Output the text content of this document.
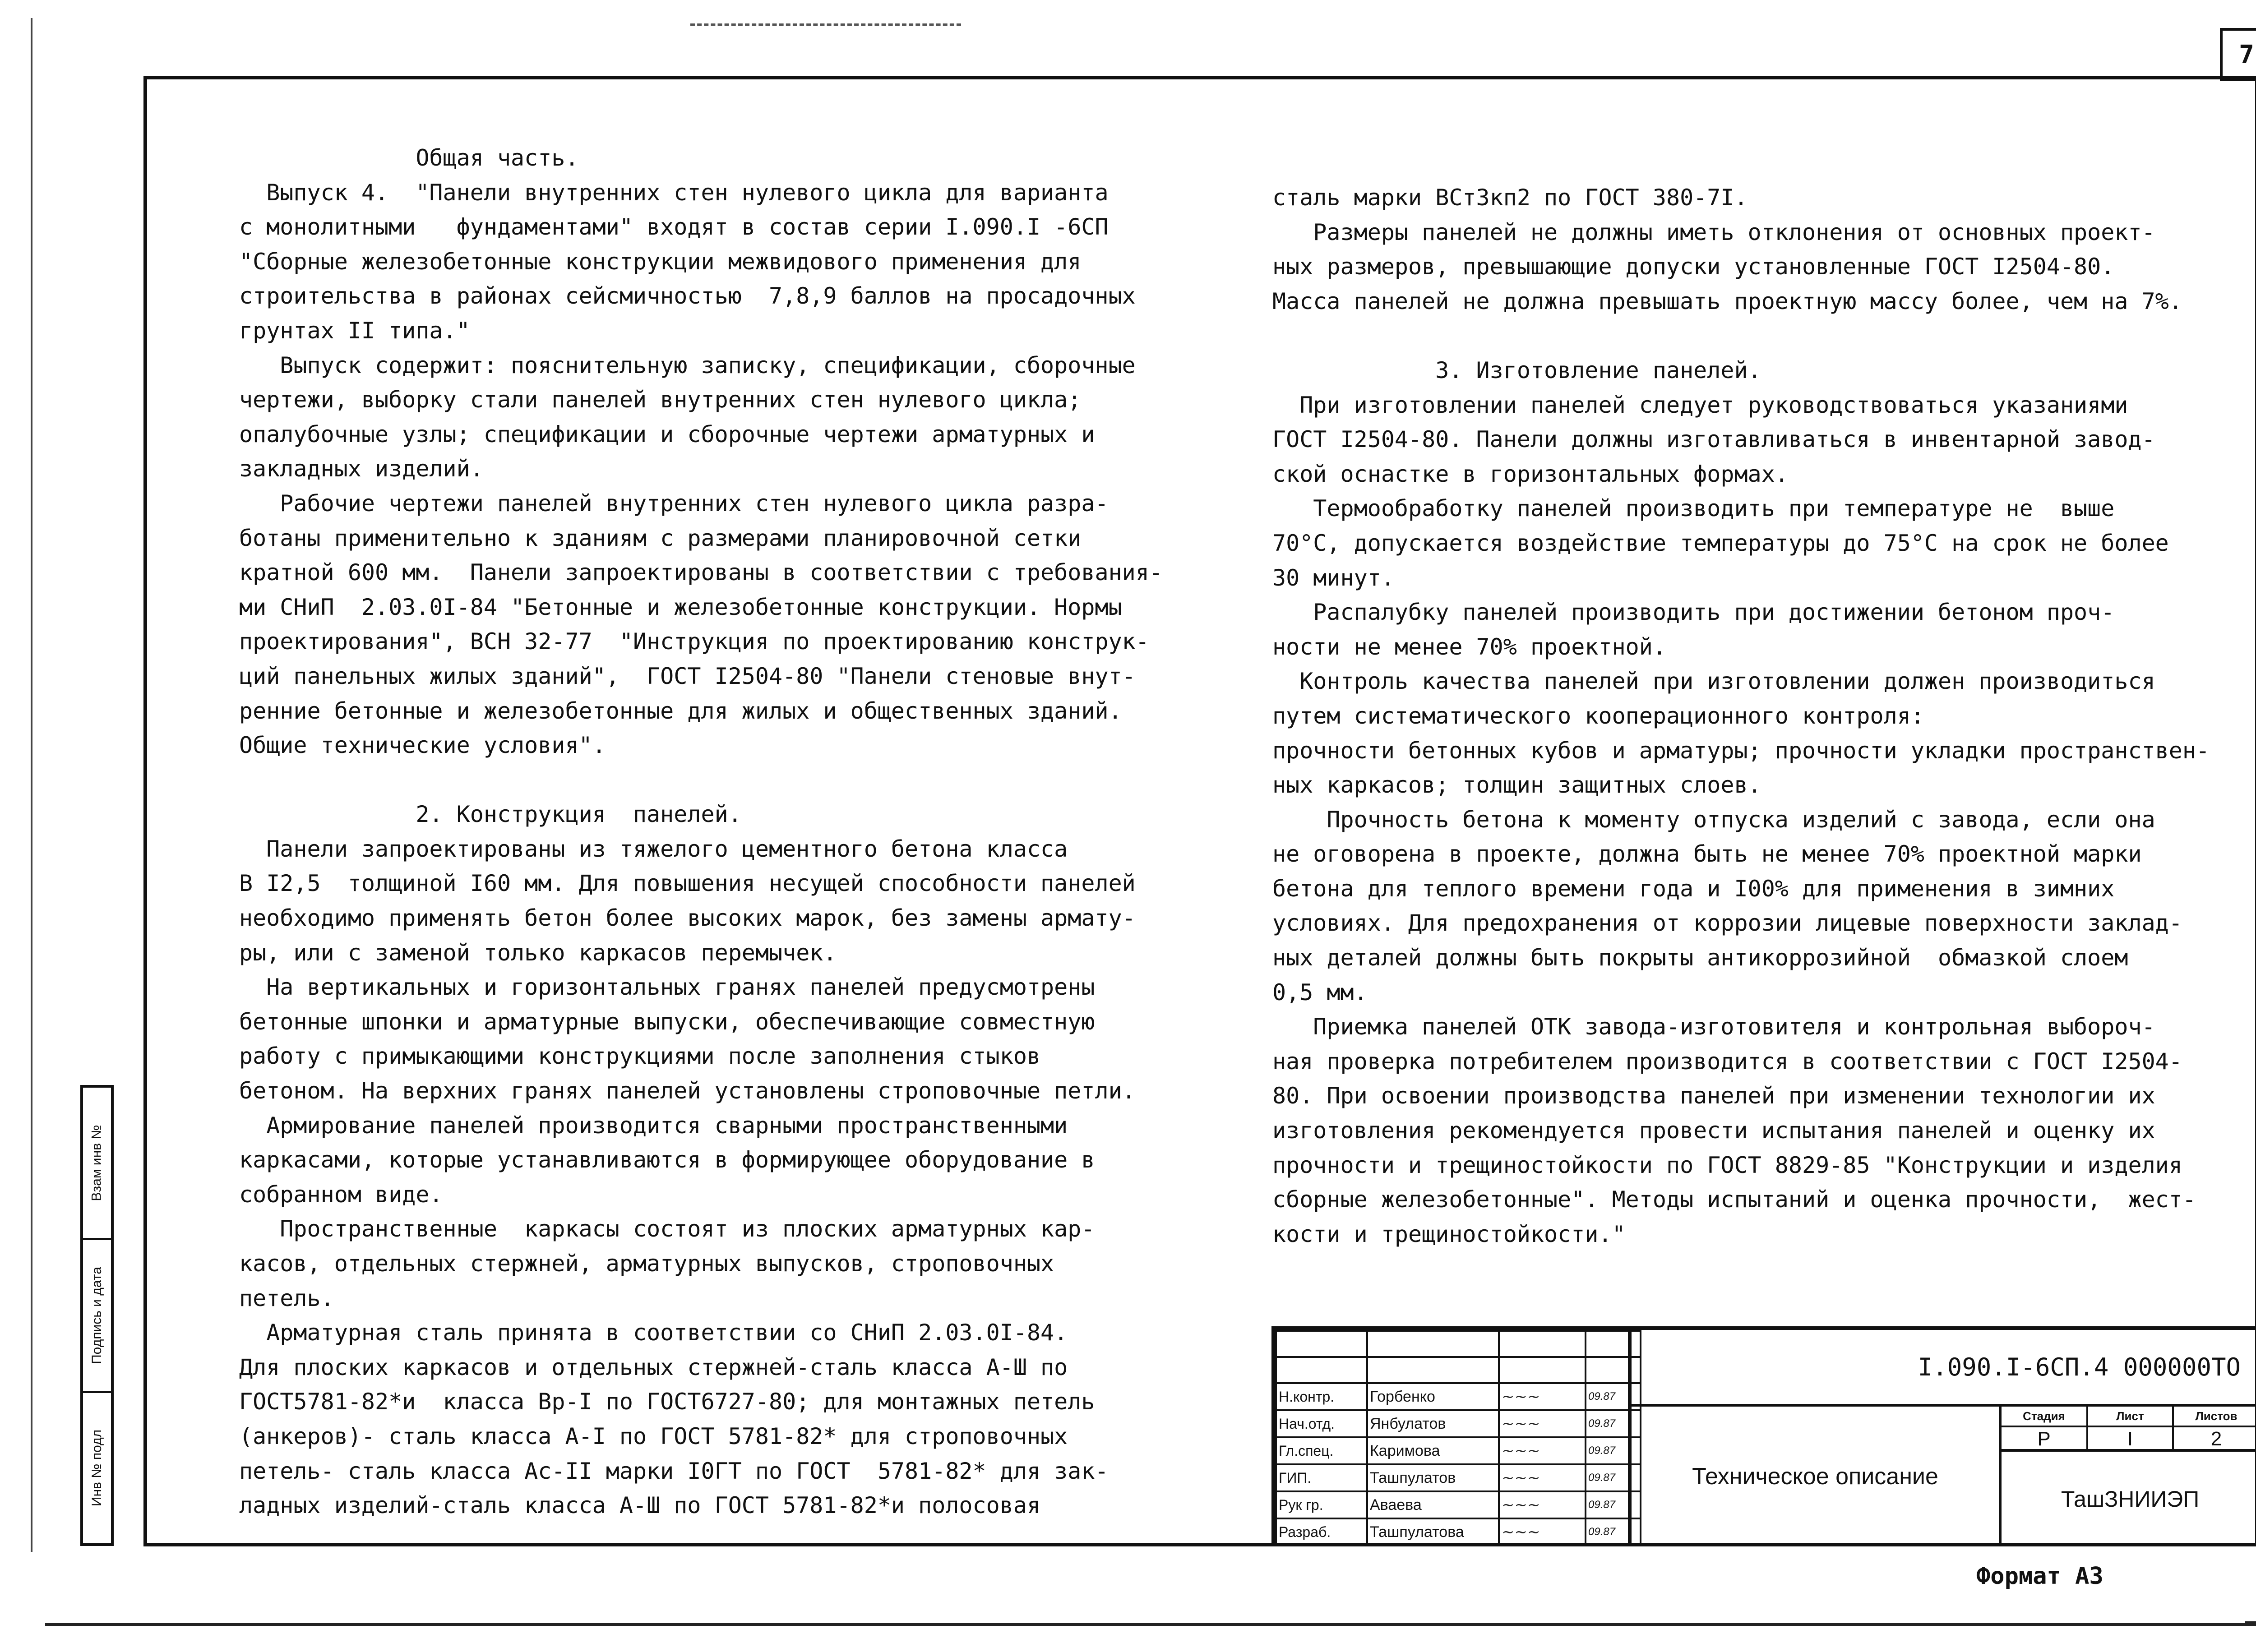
7
Взам инв №
Подпись и дата
Инв № подл

Общая часть.

Выпуск 4.  "Панели внутренних стен нулевого цикла для варианта

с монолитными   фундаментами" входят в состав серии I.090.I -6СП

"Сборные железобетонные конструкции межвидового применения для

строительства в районах сейсмичностью  7,8,9 баллов на просадочных

грунтах II типа."

Выпуск содержит: пояснительную записку, спецификации, сборочные

чертежи, выборку стали панелей внутренних стен нулевого цикла;

опалубочные узлы; спецификации и сборочные чертежи арматурных и

закладных изделий.

Рабочие чертежи панелей внутренних стен нулевого цикла разра-

ботаны применительно к зданиям с размерами планировочной сетки

кратной 600 мм.  Панели запроектированы в соответствии с требования-

ми СНиП  2.03.0I-84 "Бетонные и железобетонные конструкции. Нормы

проектирования", ВСН 32-77  "Инструкция по проектированию конструк-

ций панельных жилых зданий",  ГОСТ I2504-80 "Панели стеновые внут-

ренние бетонные и железобетонные для жилых и общественных зданий.

Общие технические условия".

2. Конструкция  панелей.

Панели запроектированы из тяжелого цементного бетона класса

В I2,5  толщиной I60 мм. Для повышения несущей способности панелей

необходимо применять бетон более высоких марок, без замены армату-

ры, или с заменой только каркасов перемычек.

На вертикальных и горизонтальных гранях панелей предусмотрены

бетонные шпонки и арматурные выпуски, обеспечивающие совместную

работу с примыкающими конструкциями после заполнения стыков

бетоном. На верхних гранях панелей установлены строповочные петли.

Армирование панелей производится сварными пространственными

каркасами, которые устанавливаются в формирующее оборудование в

собранном виде.

Пространственные  каркасы состоят из плоских арматурных кар-

касов, отдельных стержней, арматурных выпусков, строповочных

петель.

Арматурная сталь принята в соответствии со СНиП 2.03.0I-84.

Для плоских каркасов и отдельных стержней-сталь класса А-Ш по

ГОСТ5781-82*и  класса Вр-I по ГОСТ6727-80; для монтажных петель

(анкеров)- сталь класса А-I по ГОСТ 5781-82* для строповочных

петель- сталь класса Ас-II марки I0ГТ по ГОСТ  5781-82* для зак-

ладных изделий-сталь класса А-Ш по ГОСТ 5781-82*и полосовая

сталь марки ВСт3кп2 по ГОСТ 380-7I.

Размеры панелей не должны иметь отклонения от основных проект-

ных размеров, превышающие допуски установленные ГОСТ I2504-80.

Масса панелей не должна превышать проектную массу более, чем на 7%.

3. Изготовление панелей.

При изготовлении панелей следует руководствоваться указаниями

ГОСТ I2504-80. Панели должны изготавливаться в инвентарной завод-

ской оснастке в горизонтальных формах.

Термообработку панелей производить при температуре не  выше

70°С, допускается воздействие температуры до 75°С на срок не более

30 минут.

Распалубку панелей производить при достижении бетоном проч-

ности не менее 70% проектной.

Контроль качества панелей при изготовлении должен производиться

путем систематического кооперационного контроля:

прочности бетонных кубов и арматуры; прочности укладки пространствен-

ных каркасов; толщин защитных слоев.

Прочность бетона к моменту отпуска изделий с завода, если она

не оговорена в проекте, должна быть не менее 70% проектной марки

бетона для теплого времени года и I00% для применения в зимних

условиях. Для предохранения от коррозии лицевые поверхности заклад-

ных деталей должны быть покрыты антикоррозийной  обмазкой слоем

0,5 мм.

Приемка панелей ОТК завода-изготовителя и контрольная выбороч-

ная проверка потребителем производится в соответствии с ГОСТ I2504-

80. При освоении производства панелей при изменении технологии их

изготовления рекомендуется провести испытания панелей и оценку их

прочности и трещиностойкости по ГОСТ 8829-85 "Конструкции и изделия

сборные железобетонные". Методы испытаний и оценка прочности,  жест-

кости и трещиностойкости."

Н.контр.	Горбенко	~~~	09.87
Нач.отд.	Янбулатов	~~~	09.87
Гл.спец.	Каримова	~~~	09.87
ГИП.	Ташпулатов	~~~	09.87
Рук гр.	Аваева	~~~	09.87
Разраб.	Ташпулатова	~~~	09.87
I.090.I-6СП.4 000000ТО
Техническое описание
Стадия	Лист	Листов
Р	I	2
ТашЗНИИЭП
Формат А3
